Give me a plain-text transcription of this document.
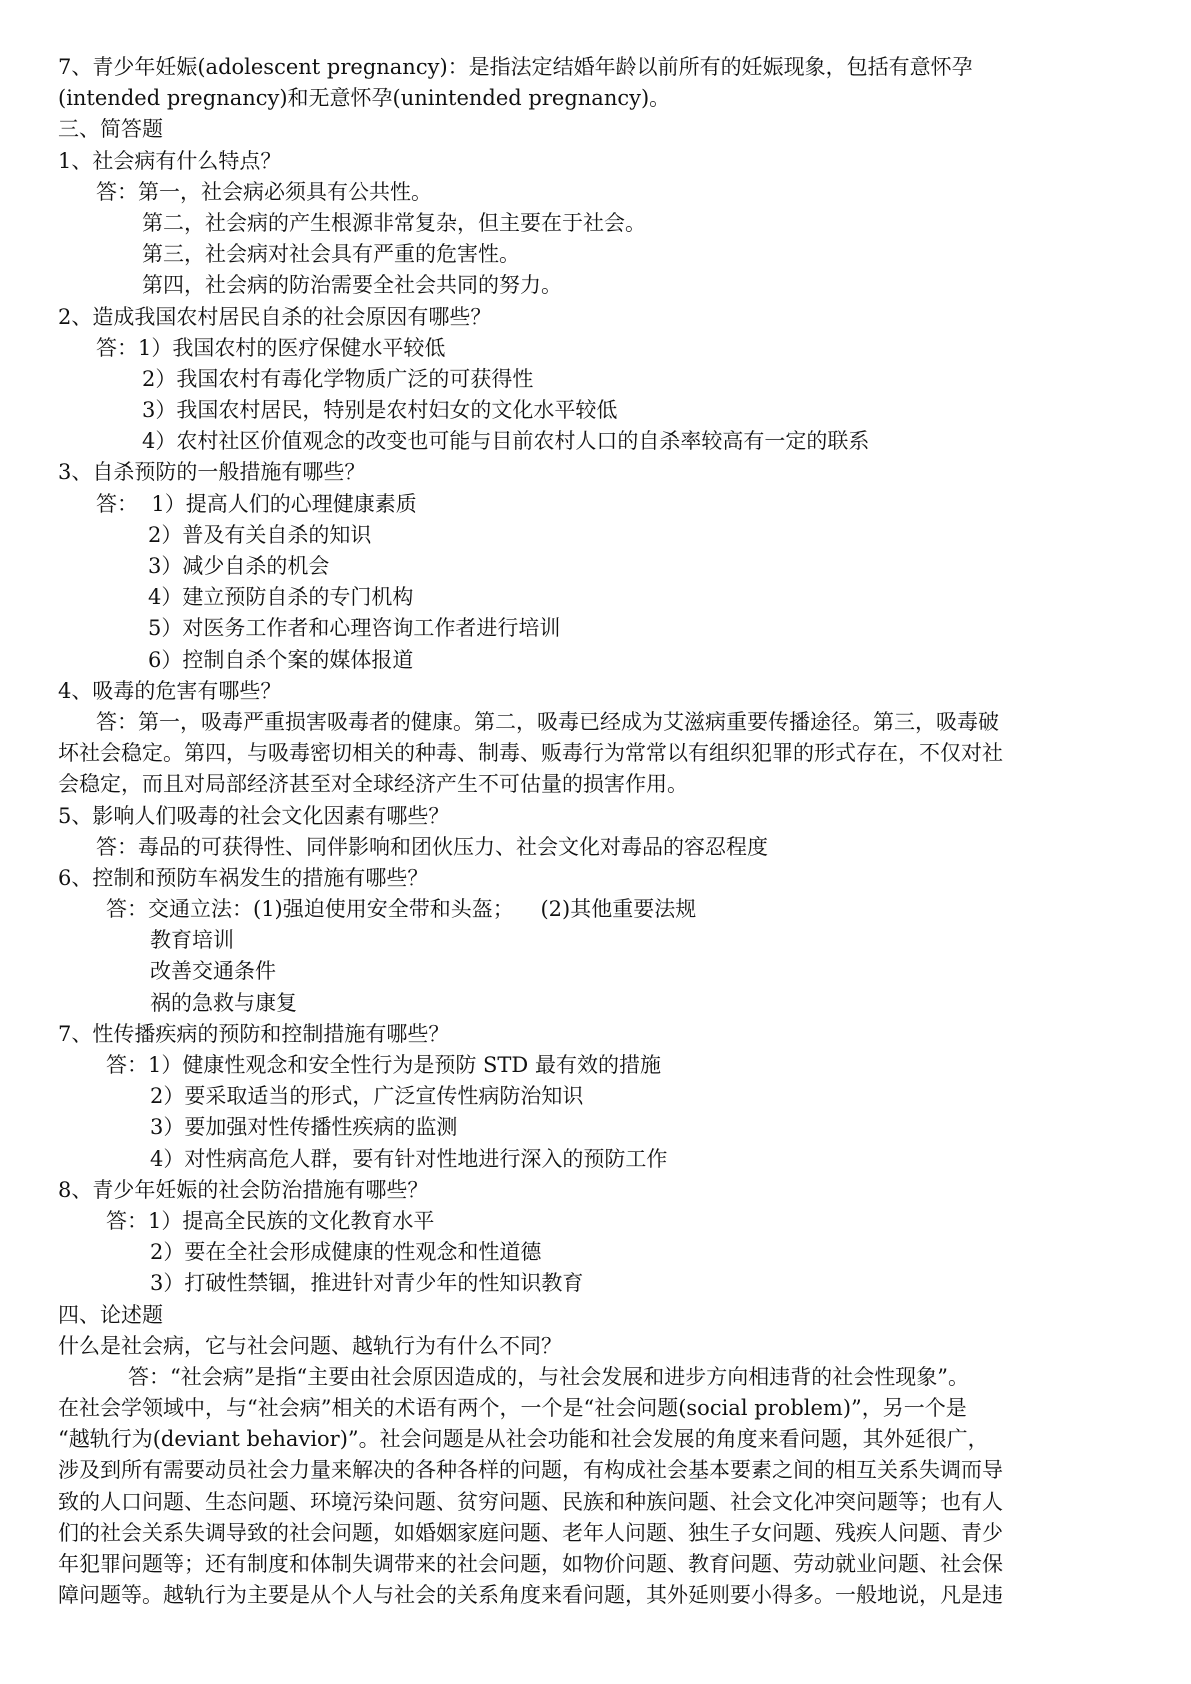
7、青少年妊娠(adolescent pregnancy)：是指法定结婚年龄以前所有的妊娠现象，包括有意怀孕
(intended pregnancy)和无意怀孕(unintended pregnancy)。
三、简答题
1、社会病有什么特点？
答：第一，社会病必须具有公共性。
第二，社会病的产生根源非常复杂，但主要在于社会。
第三，社会病对社会具有严重的危害性。
第四，社会病的防治需要全社会共同的努力。
2、造成我国农村居民自杀的社会原因有哪些？
答：1）我国农村的医疗保健水平较低
2）我国农村有毒化学物质广泛的可获得性
3）我国农村居民，特别是农村妇女的文化水平较低
4）农村社区价值观念的改变也可能与目前农村人口的自杀率较高有一定的联系
3、自杀预防的一般措施有哪些？
答：  1）提高人们的心理健康素质
2）普及有关自杀的知识
3）减少自杀的机会
4）建立预防自杀的专门机构
5）对医务工作者和心理咨询工作者进行培训
6）控制自杀个案的媒体报道
4、吸毒的危害有哪些？
答：第一，吸毒严重损害吸毒者的健康。第二，吸毒已经成为艾滋病重要传播途径。第三，吸毒破
坏社会稳定。第四，与吸毒密切相关的种毒、制毒、贩毒行为常常以有组织犯罪的形式存在，不仅对社
会稳定，而且对局部经济甚至对全球经济产生不可估量的损害作用。
5、影响人们吸毒的社会文化因素有哪些？
答：毒品的可获得性、同伴影响和团伙压力、社会文化对毒品的容忍程度
6、控制和预防车祸发生的措施有哪些？
答：交通立法：(1)强迫使用安全带和头盔；    (2)其他重要法规
教育培训
改善交通条件
祸的急救与康复
7、性传播疾病的预防和控制措施有哪些？
答：1）健康性观念和安全性行为是预防 STD 最有效的措施
2）要采取适当的形式，广泛宣传性病防治知识
3）要加强对性传播性疾病的监测
4）对性病高危人群，要有针对性地进行深入的预防工作
8、青少年妊娠的社会防治措施有哪些？
答：1）提高全民族的文化教育水平
2）要在全社会形成健康的性观念和性道德
3）打破性禁锢，推进针对青少年的性知识教育
四、论述题
什么是社会病，它与社会问题、越轨行为有什么不同？
答：“社会病”是指“主要由社会原因造成的，与社会发展和进步方向相违背的社会性现象”。
在社会学领域中，与“社会病”相关的术语有两个，一个是“社会问题(social problem)”，另一个是
“越轨行为(deviant behavior)”。社会问题是从社会功能和社会发展的角度来看问题，其外延很广，
涉及到所有需要动员社会力量来解决的各种各样的问题，有构成社会基本要素之间的相互关系失调而导
致的人口问题、生态问题、环境污染问题、贫穷问题、民族和种族问题、社会文化冲突问题等；也有人
们的社会关系失调导致的社会问题，如婚姻家庭问题、老年人问题、独生子女问题、残疾人问题、青少
年犯罪问题等；还有制度和体制失调带来的社会问题，如物价问题、教育问题、劳动就业问题、社会保
障问题等。越轨行为主要是从个人与社会的关系角度来看问题，其外延则要小得多。一般地说，凡是违
